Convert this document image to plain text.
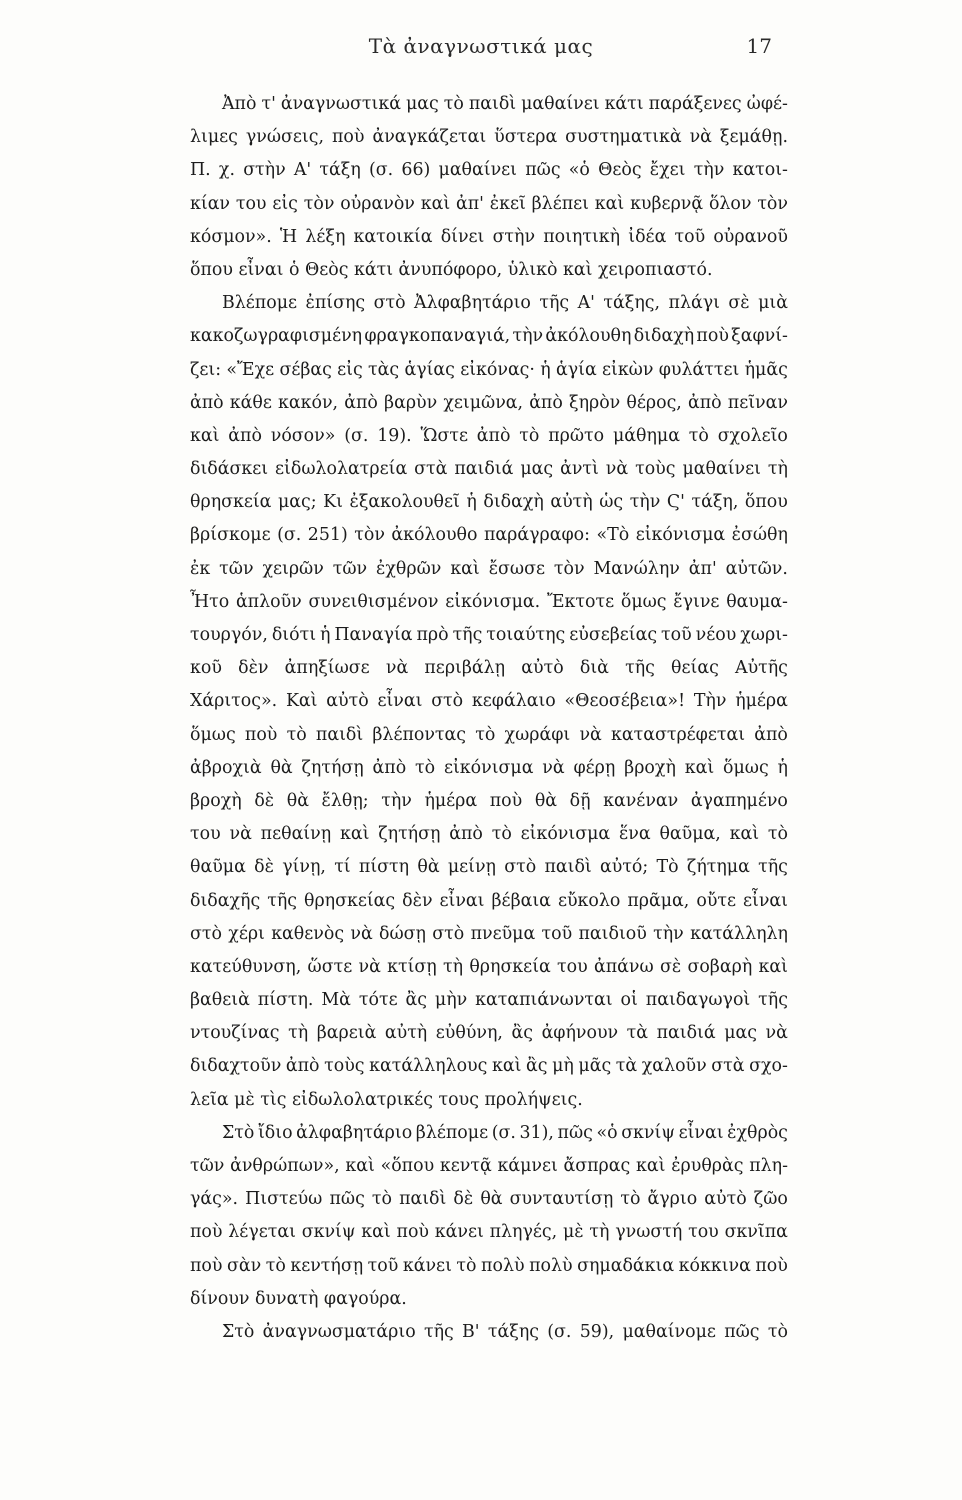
Τὰ ἀναγνωστικά μας	17
Ἀπὸ τ' ἀναγνωστικά μας τὸ παιδὶ μαθαίνει κάτι παράξενες ὠφέ-
λιμες γνώσεις, ποὺ ἀναγκάζεται ὕστερα συστηματικὰ νὰ ξεμάθῃ.
Π. χ. στὴν Α' τάξη (σ. 66) μαθαίνει πῶς «ὁ Θεὸς ἔχει τὴν κατοι-
κίαν του εἰς τὸν οὐρανὸν καὶ ἀπ' ἐκεῖ βλέπει καὶ κυβερνᾷ ὅλον τὸν
κόσμον». Ἡ λέξη κατοικία δίνει στὴν ποιητικὴ ἰδέα τοῦ οὐρανοῦ
ὅπου εἶναι ὁ Θεὸς κάτι ἀνυπόφορο, ὑλικὸ καὶ χειροπιαστό.
Βλέπομε ἐπίσης στὸ Ἀλφαβητάριο τῆς Α' τάξης, πλάγι σὲ μιὰ
κακοζωγραφισμένη φραγκοπαναγιά, τὴν ἀκόλουθη διδαχὴ ποὺ ξαφνί-
ζει: «Ἔχε σέβας εἰς τὰς ἁγίας εἰκόνας· ἡ ἁγία εἰκὼν φυλάττει ἡμᾶς
ἀπὸ κάθε κακόν, ἀπὸ βαρὺν χειμῶνα, ἀπὸ ξηρὸν θέρος, ἀπὸ πεῖναν
καὶ ἀπὸ νόσον» (σ. 19). Ὥστε ἀπὸ τὸ πρῶτο μάθημα τὸ σχολεῖο
διδάσκει εἰδωλολατρεία στὰ παιδιά μας ἀντὶ νὰ τοὺς μαθαίνει τὴ
θρησκεία μας; Κι ἐξακολουθεῖ ἡ διδαχὴ αὐτὴ ὡς τὴν Ϛ' τάξη, ὅπου
βρίσκομε (σ. 251) τὸν ἀκόλουθο παράγραφο: «Τὸ εἰκόνισμα ἐσώθη
ἐκ τῶν χειρῶν τῶν ἐχθρῶν καὶ ἔσωσε τὸν Μανώλην ἀπ' αὐτῶν.
Ἦτο ἁπλοῦν συνειθισμένον εἰκόνισμα. Ἔκτοτε ὅμως ἔγινε θαυμα-
τουργόν, διότι ἡ Παναγία πρὸ τῆς τοιαύτης εὐσεβείας τοῦ νέου χωρι-
κοῦ δὲν ἀπηξίωσε νὰ περιβάλῃ αὐτὸ διὰ τῆς θείας Αὐτῆς
Χάριτος». Καὶ αὐτὸ εἶναι στὸ κεφάλαιο «Θεοσέβεια»! Τὴν ἡμέρα
ὅμως ποὺ τὸ παιδὶ βλέποντας τὸ χωράφι νὰ καταστρέφεται ἀπὸ
ἀβροχιὰ θὰ ζητήσῃ ἀπὸ τὸ εἰκόνισμα νὰ φέρῃ βροχὴ καὶ ὅμως ἡ
βροχὴ δὲ θὰ ἔλθῃ; τὴν ἡμέρα ποὺ θὰ δῇ κανέναν ἀγαπημένο
του νὰ πεθαίνῃ καὶ ζητήσῃ ἀπὸ τὸ εἰκόνισμα ἕνα θαῦμα, καὶ τὸ
θαῦμα δὲ γίνῃ, τί πίστη θὰ μείνῃ στὸ παιδὶ αὐτό; Τὸ ζήτημα τῆς
διδαχῆς τῆς θρησκείας δὲν εἶναι βέβαια εὔκολο πρᾶμα, οὔτε εἶναι
στὸ χέρι καθενὸς νὰ δώσῃ στὸ πνεῦμα τοῦ παιδιοῦ τὴν κατάλληλη
κατεύθυνση, ὥστε νὰ κτίσῃ τὴ θρησκεία του ἀπάνω σὲ σοβαρὴ καὶ
βαθειὰ πίστη. Μὰ τότε ἂς μὴν καταπιάνωνται οἱ παιδαγωγοὶ τῆς
ντουζίνας τὴ βαρειὰ αὐτὴ εὐθύνη, ἂς ἀφήνουν τὰ παιδιά μας νὰ
διδαχτοῦν ἀπὸ τοὺς κατάλληλους καὶ ἂς μὴ μᾶς τὰ χαλοῦν στὰ σχο-
λεῖα μὲ τὶς εἰδωλολατρικές τους προλήψεις.
Στὸ ἴδιο ἀλφαβητάριο βλέπομε (σ. 31), πῶς «ὁ σκνίψ εἶναι ἐχθρὸς
τῶν ἀνθρώπων», καὶ «ὅπου κεντᾷ κάμνει ἄσπρας καὶ ἐρυθρὰς πλη-
γάς». Πιστεύω πῶς τὸ παιδὶ δὲ θὰ συνταυτίσῃ τὸ ἄγριο αὐτὸ ζῶο
ποὺ λέγεται σκνίψ καὶ ποὺ κάνει πληγές, μὲ τὴ γνωστή του σκνῖπα
ποὺ σὰν τὸ κεντήσῃ τοῦ κάνει τὸ πολὺ πολὺ σημαδάκια κόκκινα ποὺ
δίνουν δυνατὴ φαγούρα.
Στὸ ἀναγνωσματάριο τῆς Β' τάξης (σ. 59), μαθαίνομε πῶς τὸ
